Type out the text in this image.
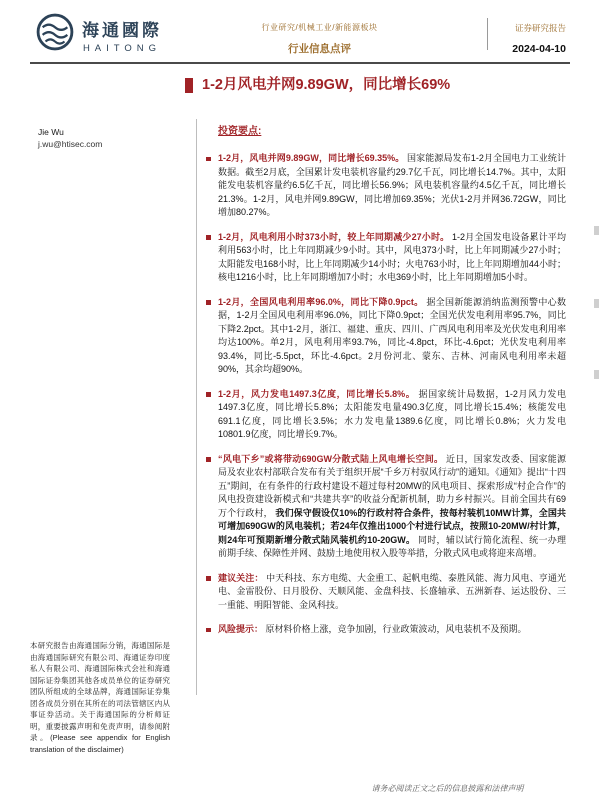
海通國際
HAITONG
行业研究/机械工业/新能源板块
行业信息点评
证券研究报告
2024-04-10
1-2月风电并网9.89GW，同比增长69%
Jie Wu
j.wu@htisec.com
本研究报告由海通国际分销，海通国际是由海通国际研究有限公司、海通证券印度私人有限公司、海通国际株式会社和海通国际证券集团其他各成员单位的证券研究团队所组成的全球品牌，海通国际证券集团各成员分别在其所在的司法管辖区内从事证券活动。关于海通国际的分析师证明，重要披露声明和免责声明，请参阅附录。(Please see appendix for English translation of the disclaimer)
投资要点:
1-2月，风电并网9.89GW，同比增长69.35%。 国家能源局发布1-2月全国电力工业统计数据。截至2月底，全国累计发电装机容量约29.7亿千瓦，同比增长14.7%。其中，太阳能发电装机容量约6.5亿千瓦，同比增长56.9%；风电装机容量约4.5亿千瓦，同比增长21.3%。1-2月，风电并网9.89GW，同比增加69.35%；光伏1-2月并网36.72GW，同比增加80.27%。
1-2月，风电利用小时373小时，较上年同期减少27小时。 1-2月全国发电设备累计平均利用563小时，比上年同期减少9小时。其中，风电373小时，比上年同期减少27小时；太阳能发电168小时，比上年同期减少14小时；火电763小时，比上年同期增加44小时；核电1216小时，比上年同期增加7小时；水电369小时，比上年同期增加5小时。
1-2月，全国风电利用率96.0%，同比下降0.9pct。 据全国新能源消纳监测预警中心数据，1-2月全国风电利用率96.0%，同比下降0.9pct；全国光伏发电利用率95.7%，同比下降2.2pct。其中1-2月，浙江、福建、重庆、四川、广西风电利用率及光伏发电利用率均达100%。单2月，风电利用率93.7%，同比-4.8pct，环比-4.6pct；光伏发电利用率93.4%，同比-5.5pct，环比-4.6pct。2月份河北、蒙东、吉林、河南风电利用率未超90%，其余均超90%。
1-2月，风力发电1497.3亿度，同比增长5.8%。 据国家统计局数据，1-2月风力发电1497.3亿度，同比增长5.8%；太阳能发电量490.3亿度，同比增长15.4%；核能发电691.1亿度，同比增长3.5%；水力发电量1389.6亿度，同比增长0.8%；火力发电10801.9亿度，同比增长9.7%。
“风电下乡”或将带动690GW分散式陆上风电增长空间。 近日，国家发改委、国家能源局及农业农村部联合发布有关于组织开展“千乡万村驭风行动”的通知。《通知》提出“十四五”期间，在有条件的行政村建设不超过每村20MW的风电项目、探索形成“村企合作”的风电投资建设新模式和“共建共享”的收益分配新机制，助力乡村振兴。目前全国共有69万个行政村， 我们保守假设仅10%的行政村符合条件，按每村装机10MW计算，全国共可增加690GW的风电装机；若24年仅推出1000个村进行试点，按照10-20MW/村计算，则24年可预期新增分散式陆风装机约10-20GW。 同时，辅以试行简化流程、统一办理前期手续、保障性并网、鼓励土地使用权入股等举措，分散式风电或将迎来高增。
建议关注： 中天科技、东方电缆、大金重工、起帆电缆、泰胜风能、海力风电、亨通光电、金雷股份、日月股份、天顺风能、金盘科技、长盛轴承、五洲新春、运达股份、三一重能、明阳智能、金风科技。
风险提示： 原材料价格上涨，竞争加剧，行业政策波动，风电装机不及预期。
请务必阅读正文之后的信息披露和法律声明
